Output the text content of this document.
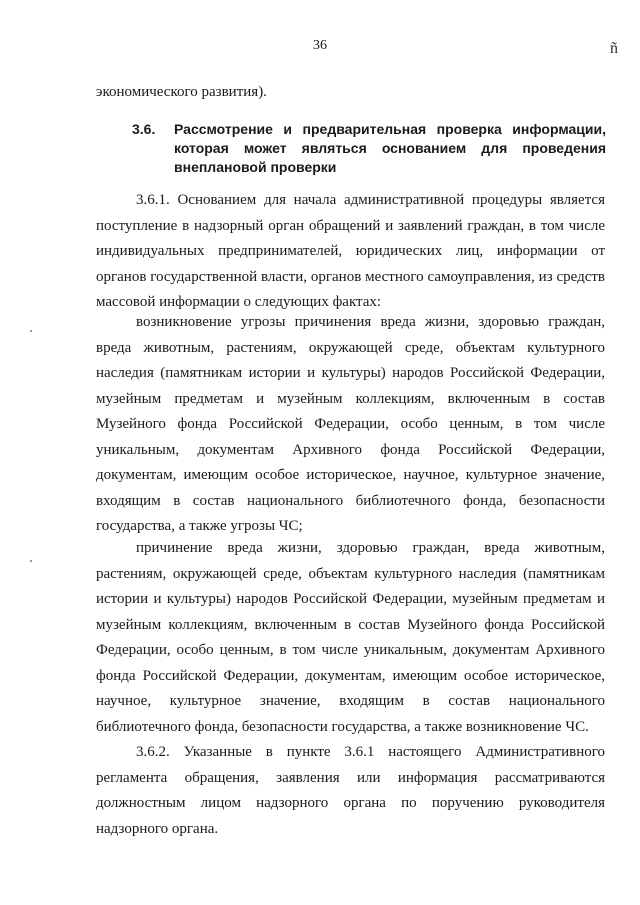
36	ñ
экономического развития).
3.6. Рассмотрение и предварительная проверка информации, которая может являться основанием для проведения внеплановой проверки

3.6.1. Основанием для начала административной процедуры является поступление в надзорный орган обращений и заявлений граждан, в том числе индивидуальных предпринимателей, юридических лиц, информации от органов государственной власти, органов местного самоуправления, из средств массовой информации о следующих фактах:

возникновение угрозы причинения вреда жизни, здоровью граждан, вреда животным, растениям, окружающей среде, объектам культурного наследия (памятникам истории и культуры) народов Российской Федерации, музейным предметам и музейным коллекциям, включенным в состав Музейного фонда Российской Федерации, особо ценным, в том числе уникальным, документам Архивного фонда Российской Федерации, документам, имеющим особое историческое, научное, культурное значение, входящим в состав национального библиотечного фонда, безопасности государства, а также угрозы ЧС;

причинение вреда жизни, здоровью граждан, вреда животным, растениям, окружающей среде, объектам культурного наследия (памятникам истории и культуры) народов Российской Федерации, музейным предметам и музейным коллекциям, включенным в состав Музейного фонда Российской Федерации, особо ценным, в том числе уникальным, документам Архивного фонда Российской Федерации, документам, имеющим особое историческое, научное, культурное значение, входящим в состав национального библиотечного фонда, безопасности государства, а также возникновение ЧС.

3.6.2. Указанные в пункте 3.6.1 настоящего Административного регламента обращения, заявления или информация рассматриваются должностным лицом надзорного органа по поручению руководителя надзорного органа.
